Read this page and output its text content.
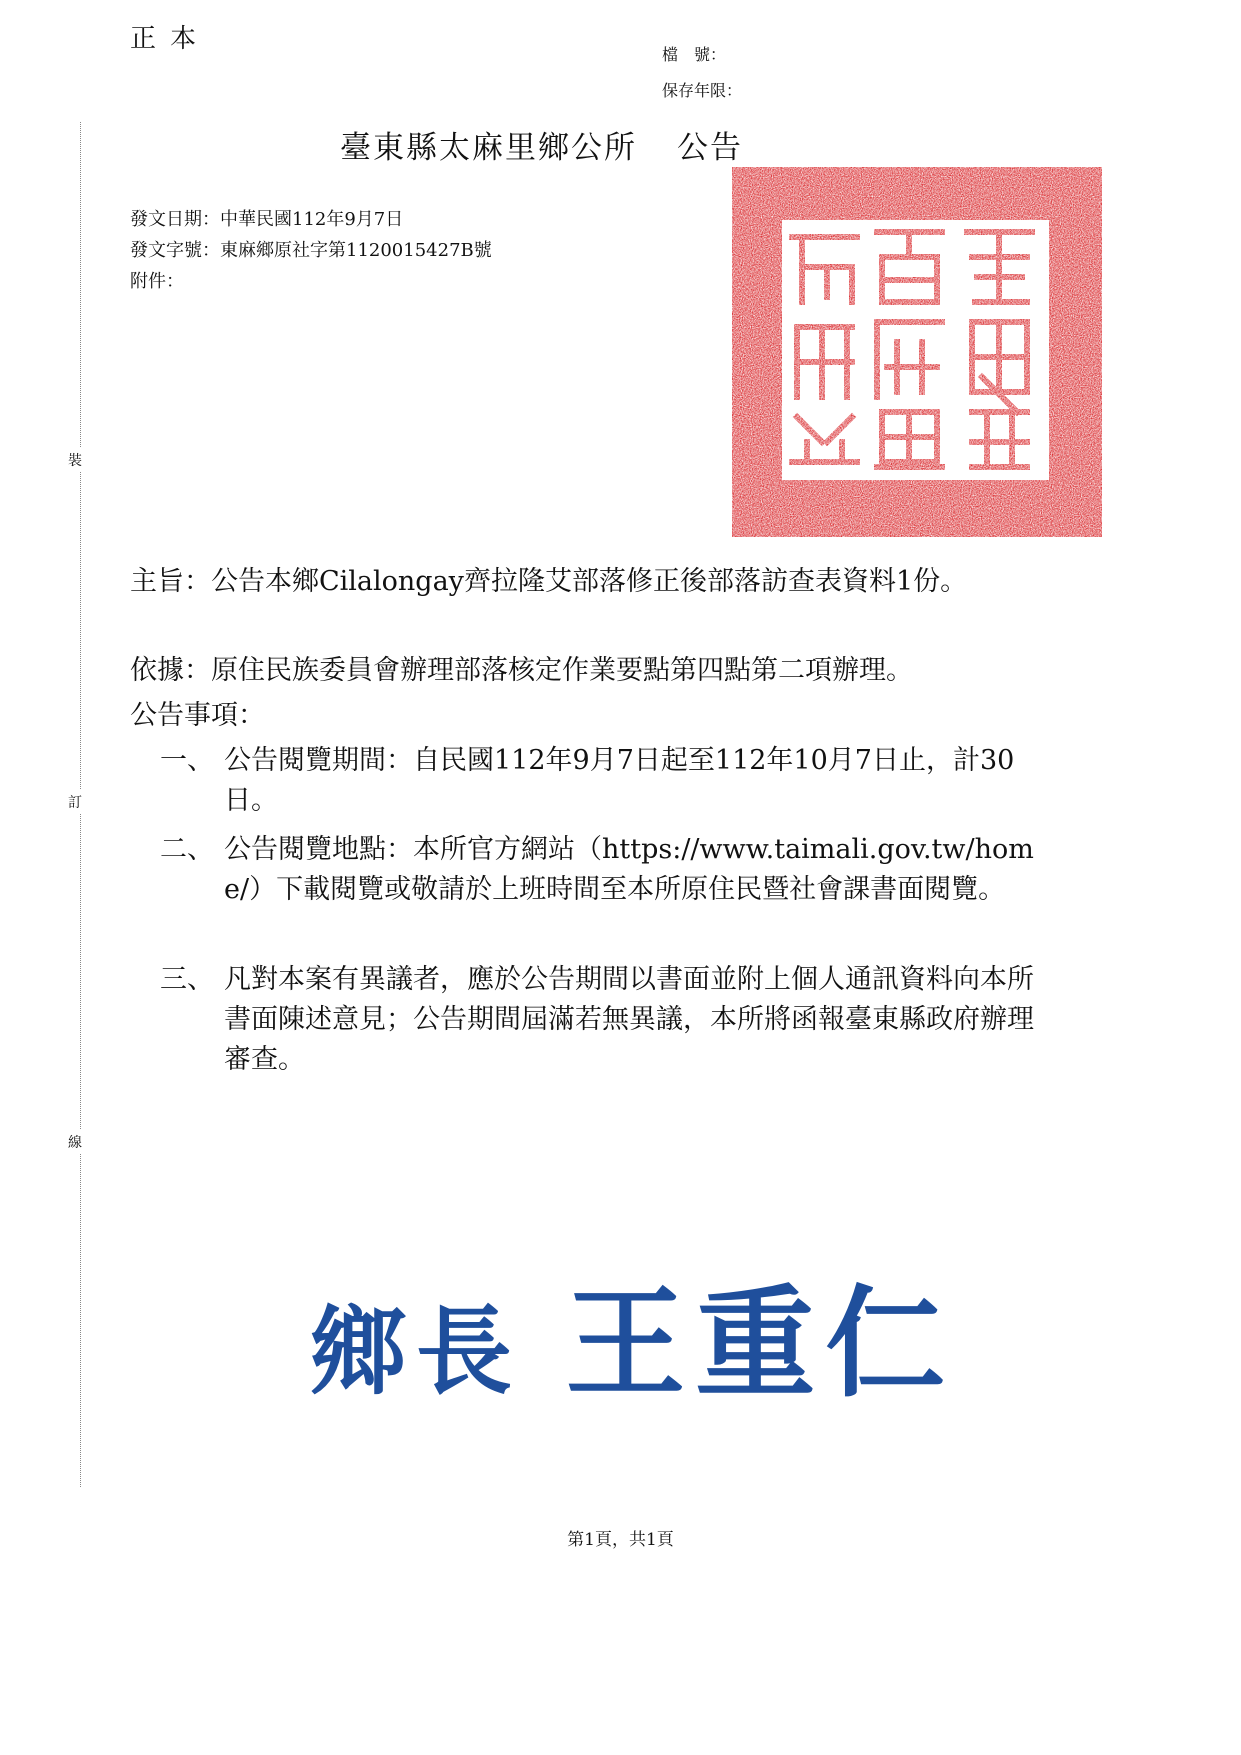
正本
檔　號：
保存年限：
裝
訂
線
臺東縣太麻里鄉公所 公告
發文日期：中華民國112年9月7日
發文字號：東麻鄉原社字第1120015427B號
附件：
主旨：公告本鄉Cilalongay齊拉隆艾部落修正後部落訪查表資料1份。
依據：原住民族委員會辦理部落核定作業要點第四點第二項辦理。
公告事項：
一、 公告閱覽期間：自民國112年9月7日起至112年10月7日止，計30日。
二、 公告閱覽地點：本所官方網站（https://www.taimali.gov.tw/home/）下載閱覽或敬請於上班時間至本所原住民暨社會課書面閱覽。
三、 凡對本案有異議者，應於公告期間以書面並附上個人通訊資料向本所書面陳述意見；公告期間屆滿若無異議，本所將函報臺東縣政府辦理審查。
鄉長 王重仁
第1頁，共1頁
